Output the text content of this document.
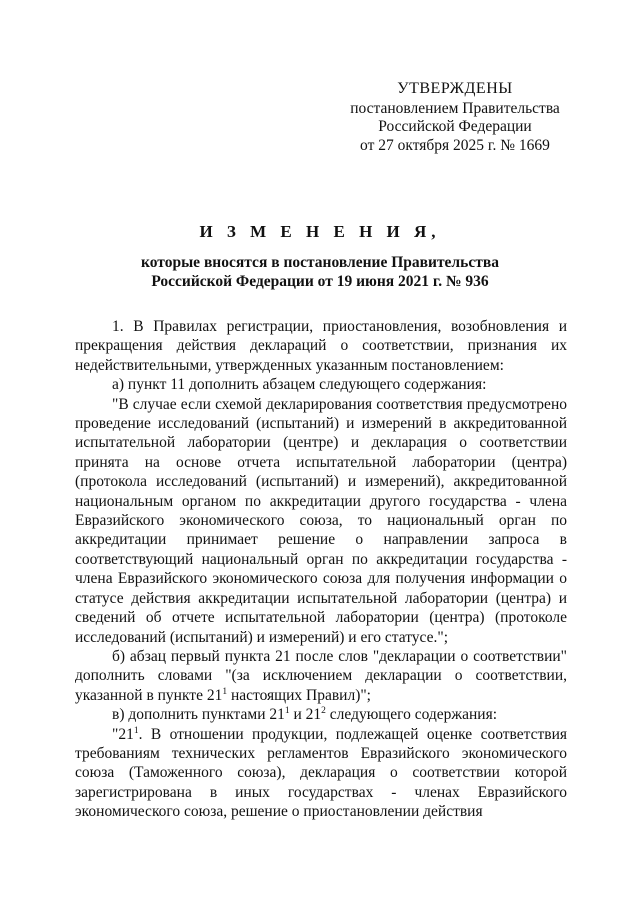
УТВЕРЖДЕНЫ
постановлением Правительства
Российской Федерации
от 27 октября 2025 г. № 1669
И З М Е Н Е Н И Я,
которые вносятся в постановление Правительства
Российской Федерации от 19 июня 2021 г. № 936

1. В Правилах регистрации, приостановления, возобновления и прекращения действия деклараций о соответствии, признания их недействительными, утвержденных указанным постановлением:

а) пункт 11 дополнить абзацем следующего содержания:

"В случае если схемой декларирования соответствия предусмотрено проведение исследований (испытаний) и измерений в аккредитованной испытательной лаборатории (центре) и декларация о соответствии принята на основе отчета испытательной лаборатории (центра) (протокола исследований (испытаний) и измерений), аккредитованной национальным органом по аккредитации другого государства - члена Евразийского экономического союза, то национальный орган по аккредитации принимает решение о направлении запроса в соответствующий национальный орган по аккредитации государства - члена Евразийского экономического союза для получения информации о статусе действия аккредитации испытательной лаборатории (центра) и сведений об отчете испытательной лаборатории (центра) (протоколе исследований (испытаний) и измерений) и его статусе.";

б) абзац первый пункта 21 после слов "декларации о соответствии" дополнить словами "(за исключением декларации о соответствии, указанной в пункте $21^1$ настоящих Правил)";

в) дополнить пунктами $21^1$ и $21^2$ следующего содержания:

"$21^1$. В отношении продукции, подлежащей оценке соответствия требованиям технических регламентов Евразийского экономического союза (Таможенного союза), декларация о соответствии которой зарегистрирована в иных государствах - членах Евразийского экономического союза, решение о приостановлении действия
